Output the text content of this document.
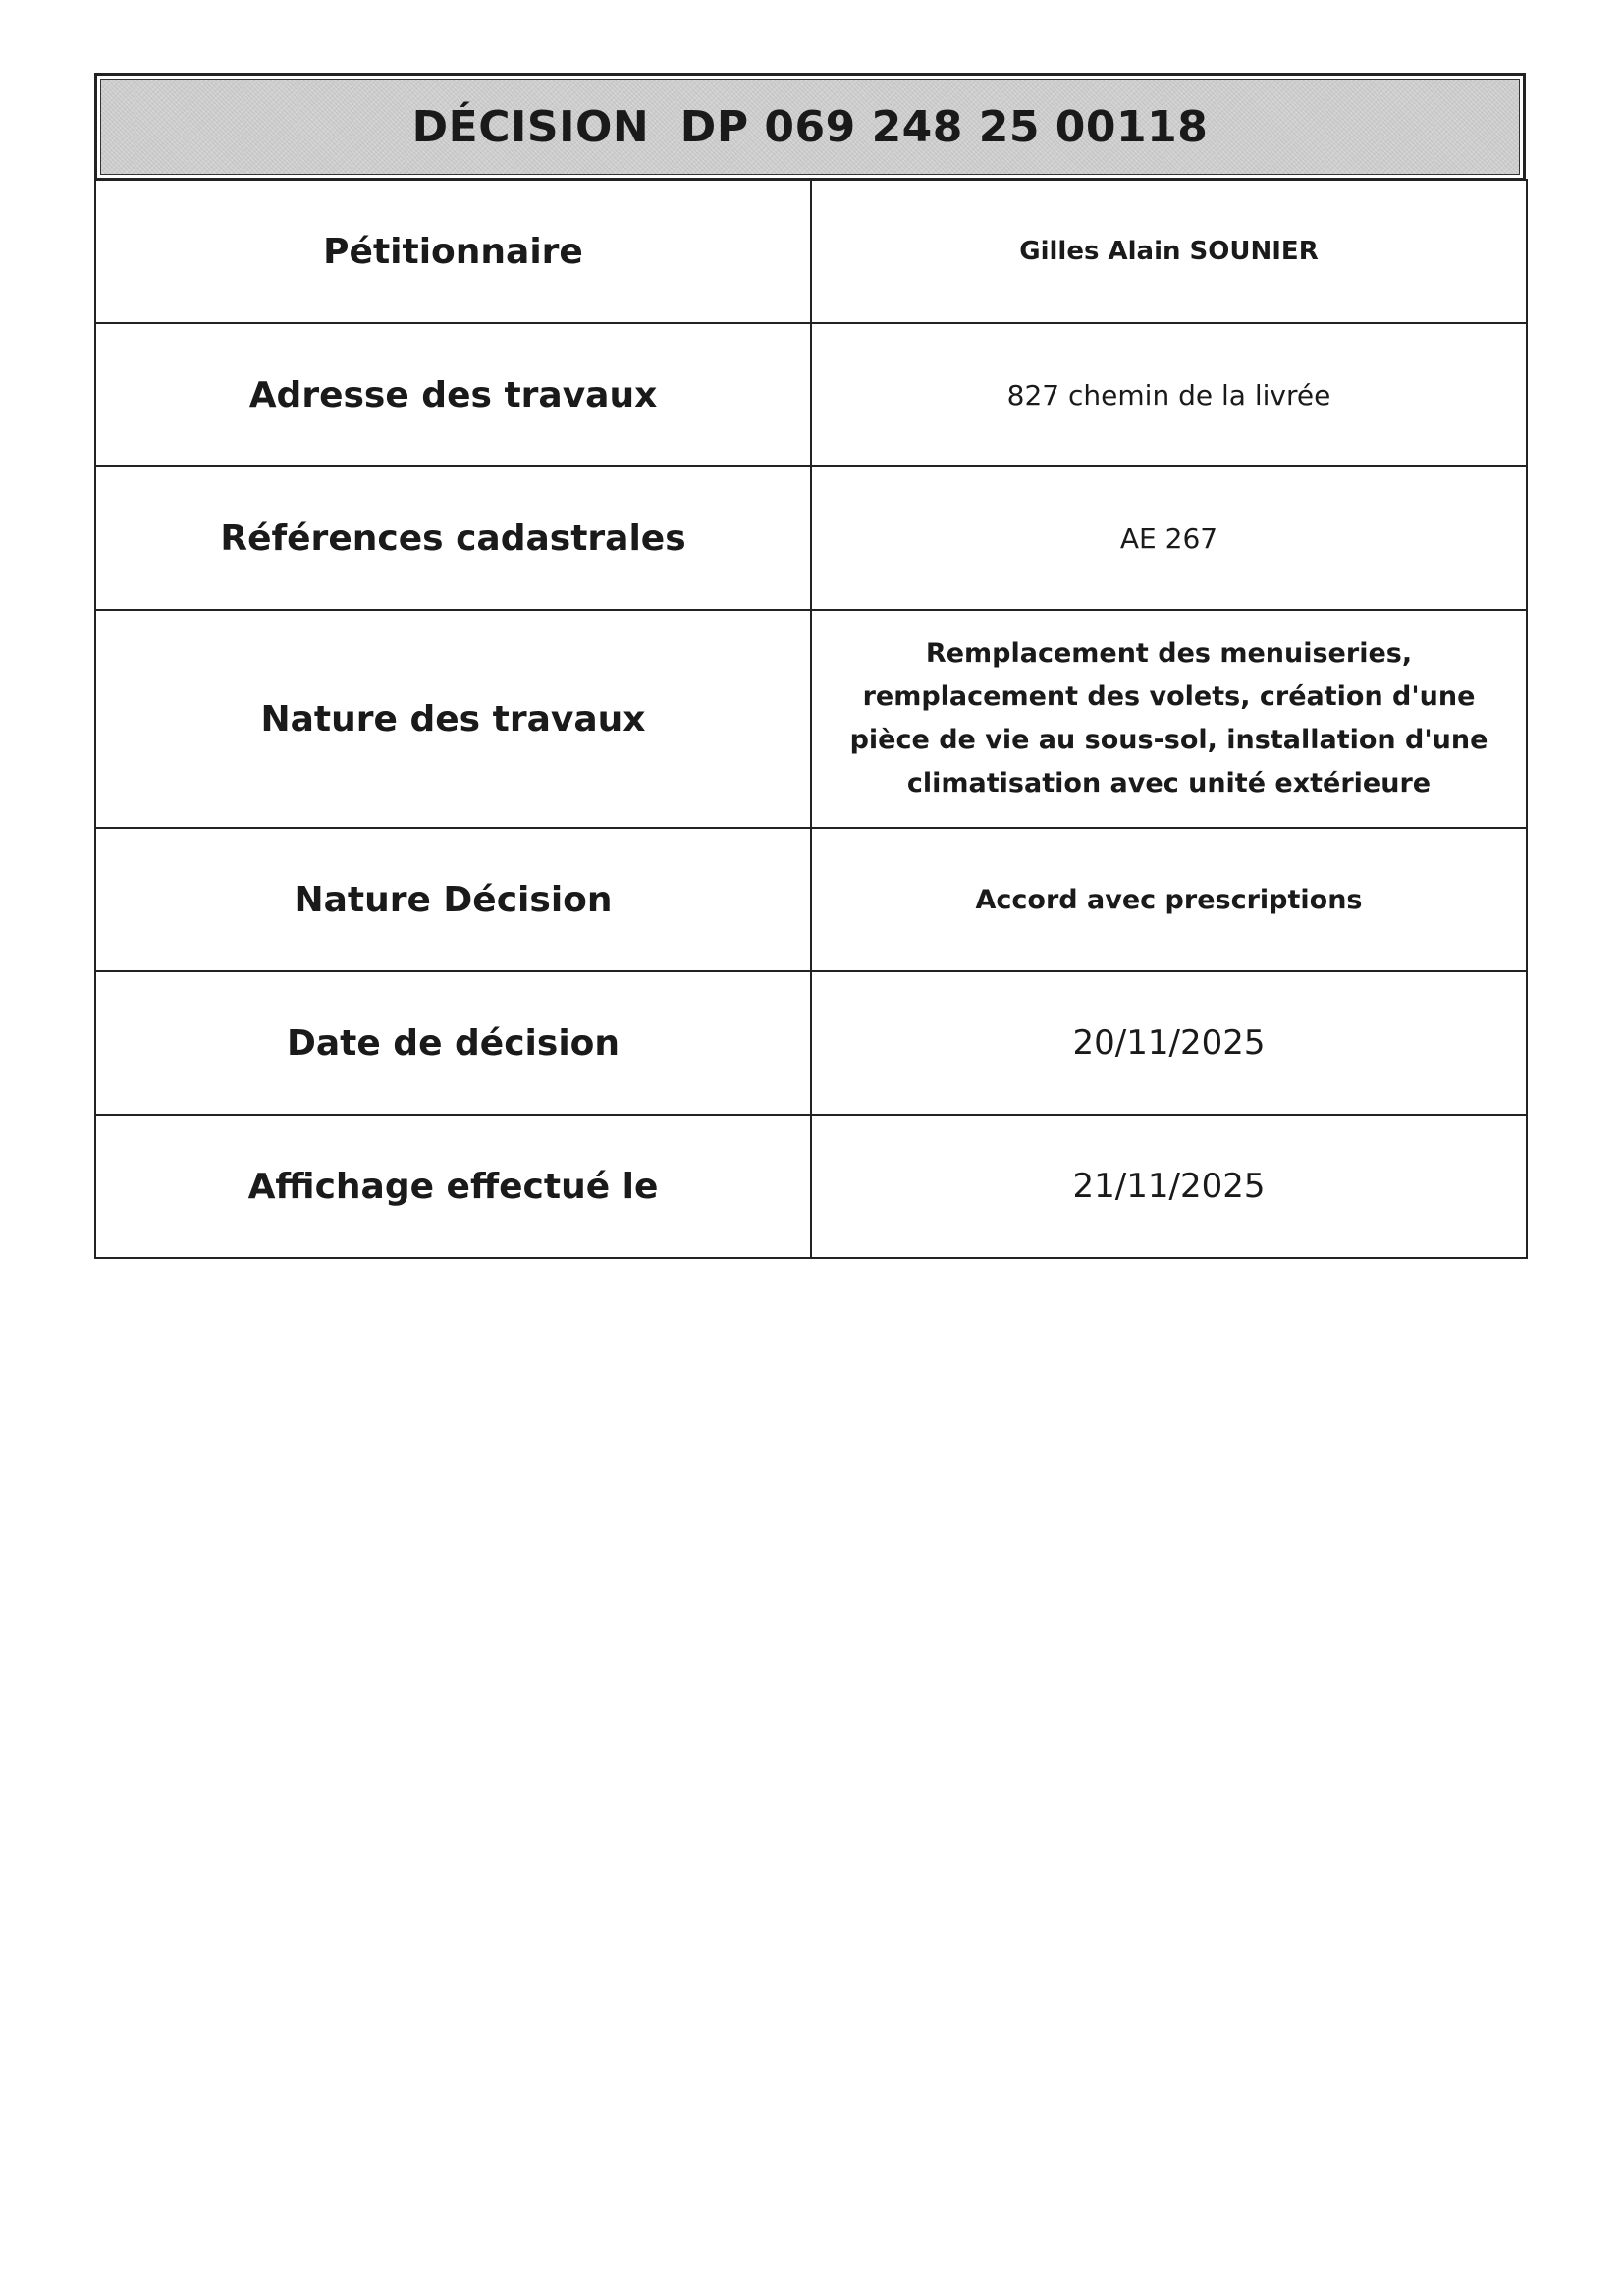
DÉCISION  DP 069 248 25 00118
Pétitionnaire	Gilles Alain SOUNIER
Adresse des travaux	827 chemin de la livrée
Références cadastrales	AE 267
Nature des travaux	Remplacement des menuiseries, remplacement des volets, création d'une pièce de vie au sous-sol, installation d'une climatisation avec unité extérieure
Nature Décision	Accord avec prescriptions
Date de décision	20/11/2025
Affichage effectué le	21/11/2025
